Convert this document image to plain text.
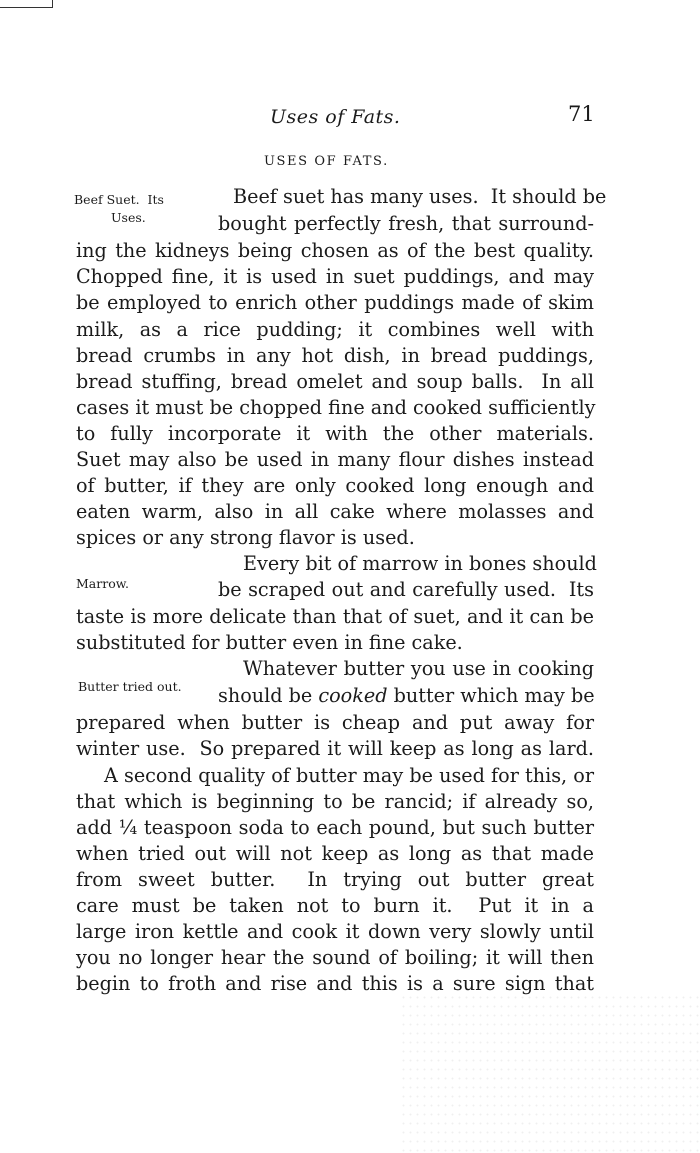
Uses of Fats.	71
USES OF FATS.
Beef Suet.  Its
Uses.
Marrow.
Butter tried out.
Beef suet has many uses.  It should be
bought perfectly fresh, that surround-
ing the kidneys being chosen as of the best quality.
Chopped fine, it is used in suet puddings, and may
be employed to enrich other puddings made of skim
milk, as a rice pudding; it combines well with
bread crumbs in any hot dish, in bread puddings,
bread stuffing, bread omelet and soup balls.  In all
cases it must be chopped fine and cooked sufficiently
to fully incorporate it with the other materials.
Suet may also be used in many flour dishes instead
of butter, if they are only cooked long enough and
eaten warm, also in all cake where molasses and
spices or any strong flavor is used.
Every bit of marrow in bones should
be scraped out and carefully used.  Its
taste is more delicate than that of suet, and it can be
substituted for butter even in fine cake.
Whatever butter you use in cooking
should be cooked butter which may be
prepared when butter is cheap and put away for
winter use.  So prepared it will keep as long as lard.
A second quality of butter may be used for this, or
that which is beginning to be rancid; if already so,
add ¼ teaspoon soda to each pound, but such butter
when tried out will not keep as long as that made
from sweet butter.  In trying out butter great
care must be taken not to burn it.  Put it in a
large iron kettle and cook it down very slowly until
you no longer hear the sound of boiling; it will then
begin to froth and rise and this is a sure sign that
